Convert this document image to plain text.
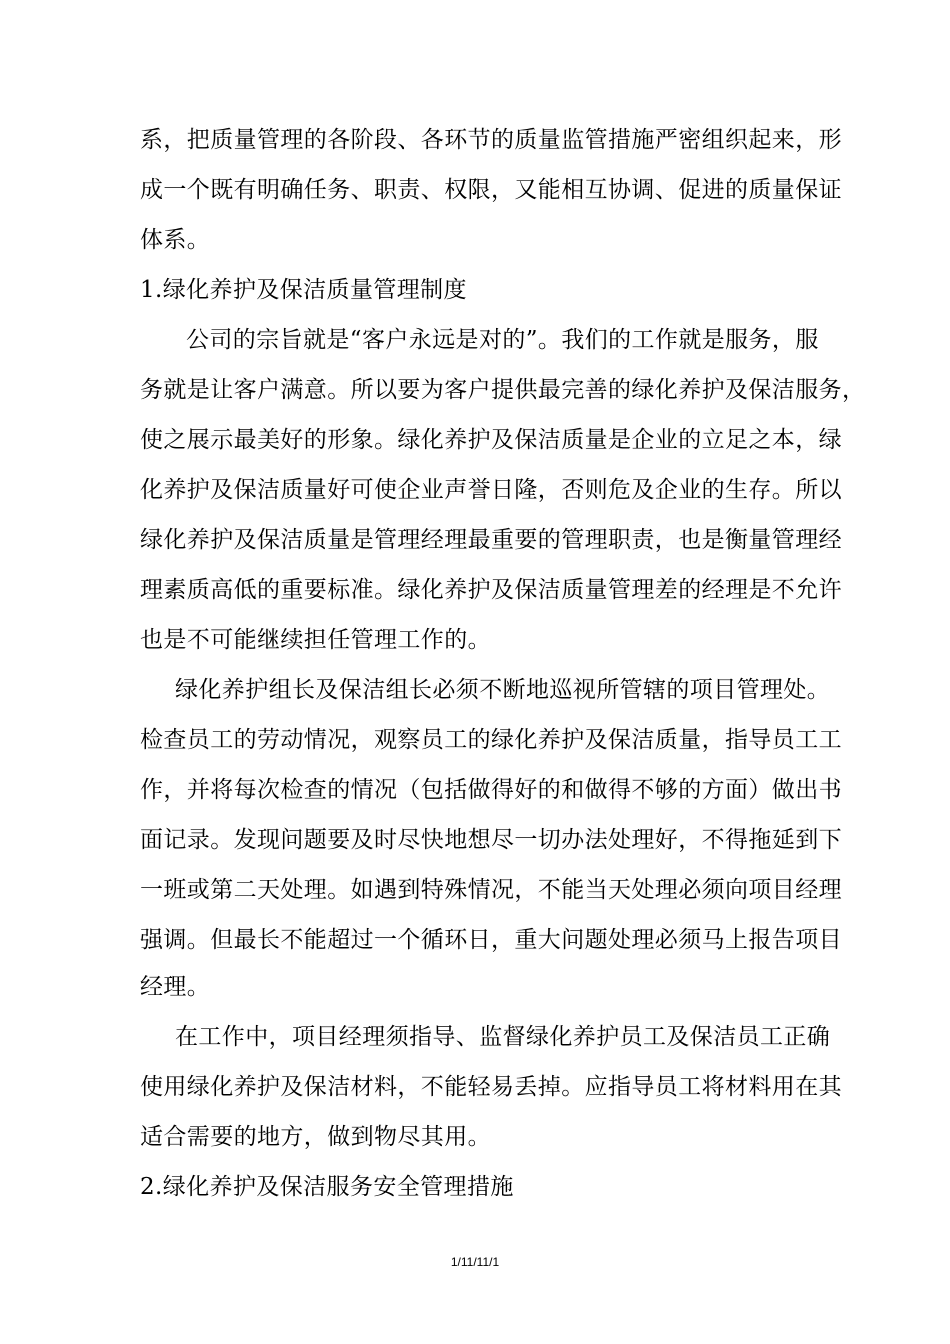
系，把质量管理的各阶段、各环节的质量监管措施严密组织起来，形
成一个既有明确任务、职责、权限，又能相互协调、促进的质量保证
体系。
1.绿化养护及保洁质量管理制度
公司的宗旨就是“客户永远是对的”。我们的工作就是服务，服
务就是让客户满意。所以要为客户提供最完善的绿化养护及保洁服务，
使之展示最美好的形象。绿化养护及保洁质量是企业的立足之本，绿
化养护及保洁质量好可使企业声誉日隆，否则危及企业的生存。所以
绿化养护及保洁质量是管理经理最重要的管理职责，也是衡量管理经
理素质高低的重要标准。绿化养护及保洁质量管理差的经理是不允许
也是不可能继续担任管理工作的。
绿化养护组长及保洁组长必须不断地巡视所管辖的项目管理处。
检查员工的劳动情况，观察员工的绿化养护及保洁质量，指导员工工
作，并将每次检查的情况（包括做得好的和做得不够的方面）做出书
面记录。发现问题要及时尽快地想尽一切办法处理好，不得拖延到下
一班或第二天处理。如遇到特殊情况，不能当天处理必须向项目经理
强调。但最长不能超过一个循环日，重大问题处理必须马上报告项目
经理。
在工作中，项目经理须指导、监督绿化养护员工及保洁员工正确
使用绿化养护及保洁材料，不能轻易丢掉。应指导员工将材料用在其
适合需要的地方，做到物尽其用。
2.绿化养护及保洁服务安全管理措施
1/11/11/1
